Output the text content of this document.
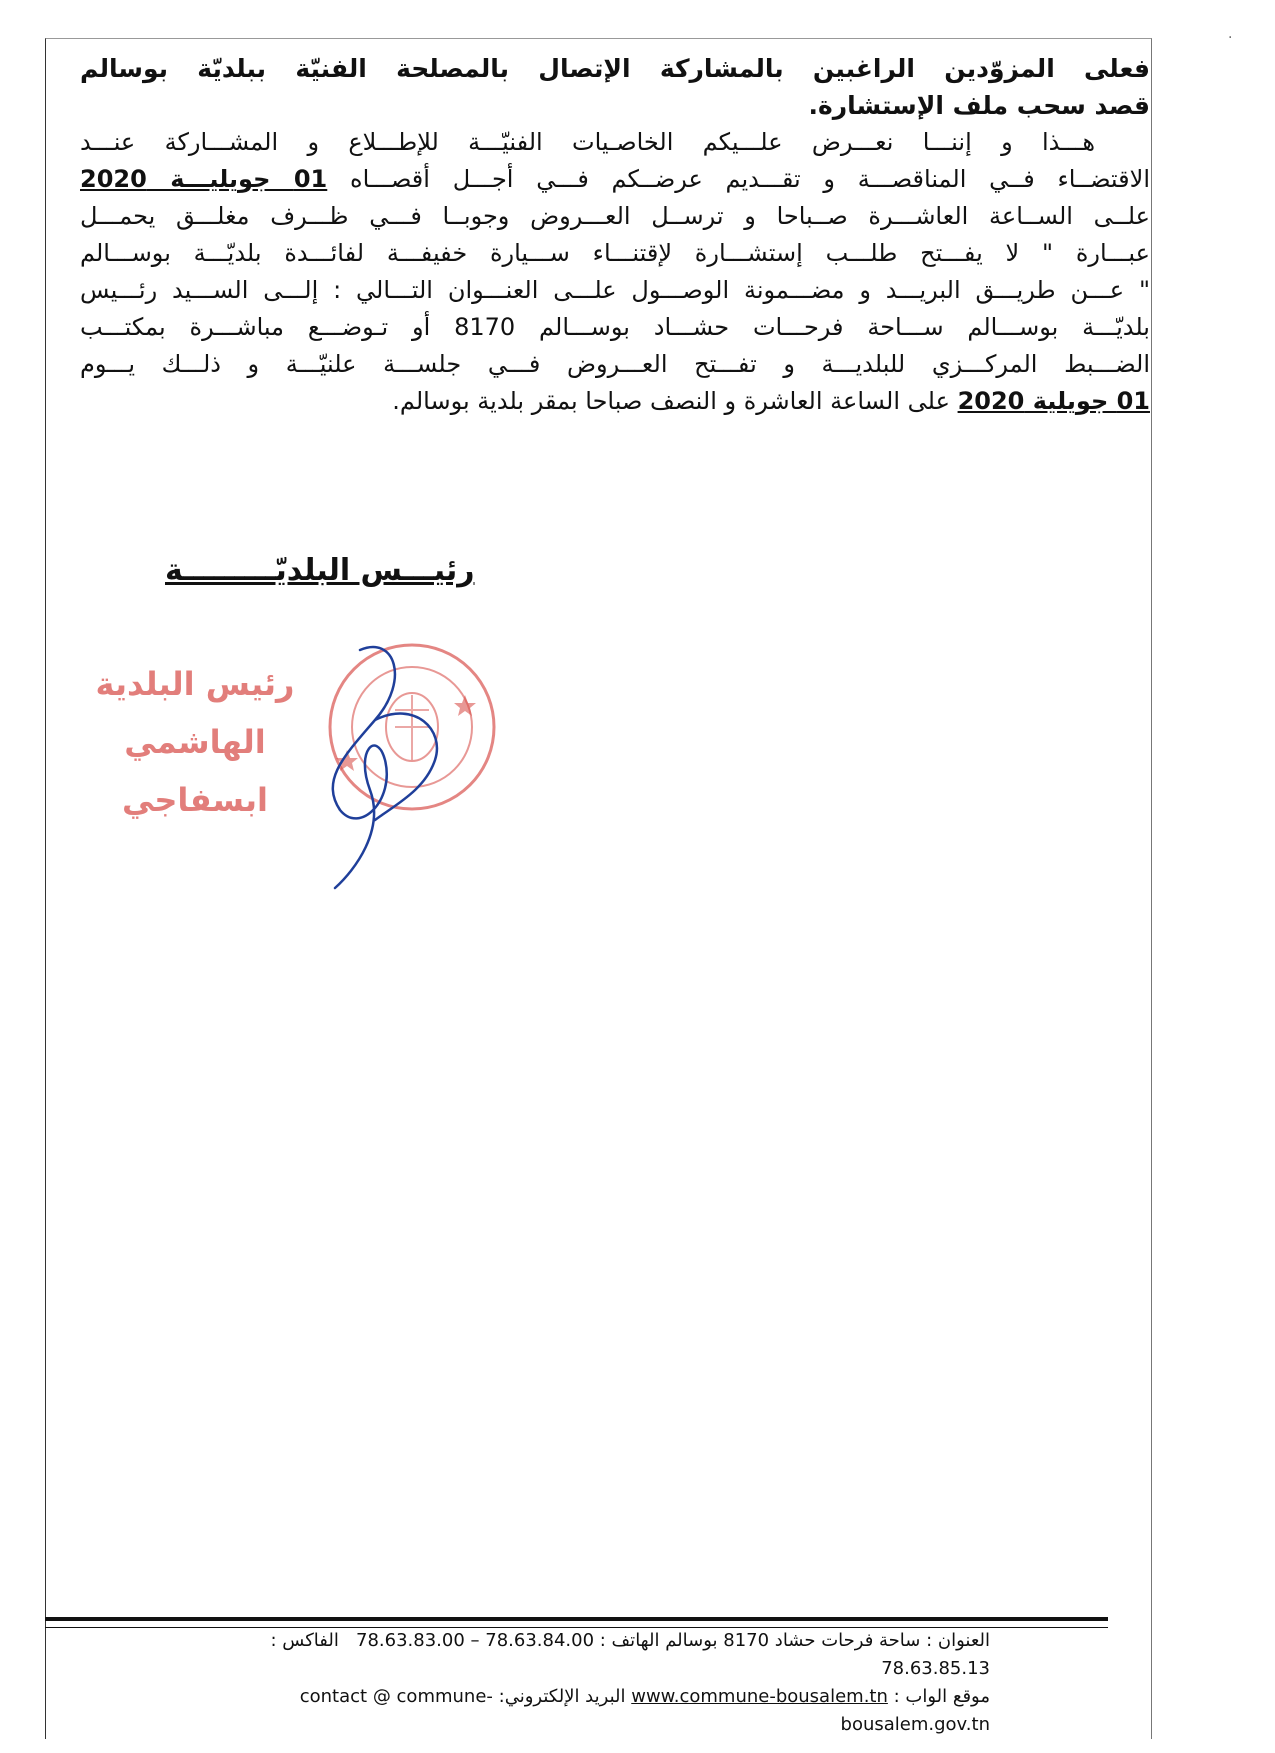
فعلى المزوّدين الراغبين بالمشاركة الإتصال بالمصلحة الفنيّة ببلديّة بوسالم
قصد سحب ملف الإستشارة.
هـــذا و إننـــا نعـــرض علـــيكم الخاصـيات الفنيّـــة للإطـــلاع و المشـــاركة عنـــد
الاقتضــاء فــي المناقصـــة و تقـــديم عرضــكم فـــي أجـــل أقصـــاه 01 جويليـــة 2020
علــى الســاعة العاشـــرة صــباحا و ترســل العـــروض وجوبــا فـــي ظـــرف مغلـــق يحمـــل
عبـــارة " لا يفـــتح طلـــب إستشـــارة لإقتنـــاء ســـيارة خفيفـــة لفائـــدة بلديّـــة بوســـالم
" عـــن طريـــق البريـــد و مضـــمونة الوصـــول علـــى العنـــوان التـــالي : إلـــى الســـيد رئـــيس
بلديّـــة بوســـالم ســـاحة فرحـــات حشـــاد بوســـالم 8170 أو تـوضـــع مباشـــرة بمكتـــب
الضـــبط المركـــزي للبلديـــة و تفـــتح العـــروض فـــي جلســـة علنيّـــة و ذلـــك يـــوم
01 جويلية 2020 على الساعة العاشرة و النصف صباحا بمقر بلدية بوسالم.
رئيـــس البلديّـــــــــة
رئيس البلدية
الهاشمي ابسفاجي
العنوان : ساحة فرحات حشاد 8170 بوسالم الهاتف : 78.63.83.00 – 78.63.84.00   الفاكس : 78.63.85.13
موقع الواب : www.commune-bousalem.tn البريد الإلكتروني: contact @ commune-bousalem.gov.tn
·
